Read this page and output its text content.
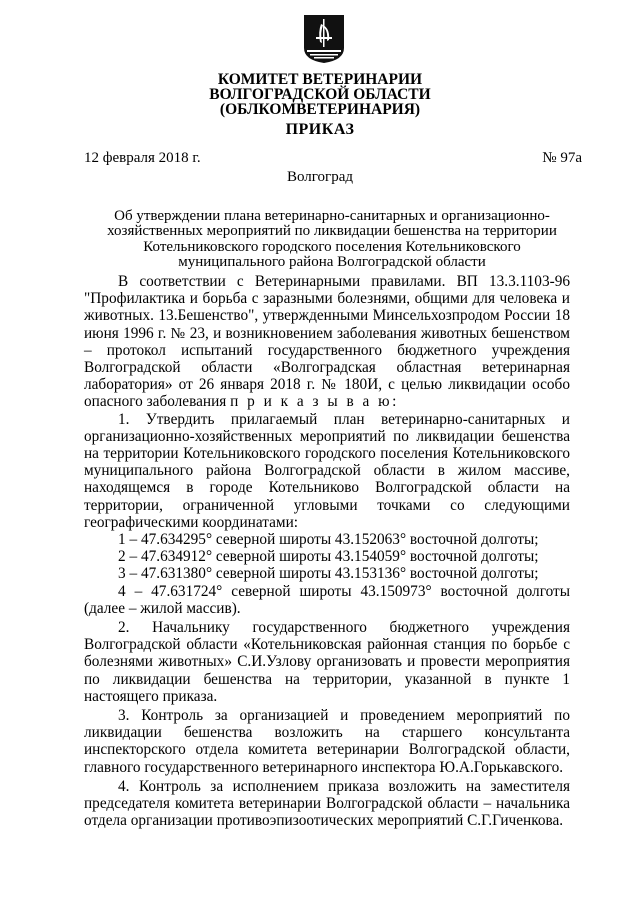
КОМИТЕТ ВЕТЕРИНАРИИ
ВОЛГОГРАДСКОЙ ОБЛАСТИ
(ОБЛКОМВЕТЕРИНАРИЯ)
ПРИКАЗ
12 февраля 2018 г.	№ 97а
Волгоград
Об утверждении плана ветеринарно-санитарных и организационно-
хозяйственных мероприятий по ликвидации бешенства на территории
Котельниковского городского поселения Котельниковского
муниципального района Волгоградской области
В соответствии с Ветеринарными правилами. ВП 13.3.1103-96 "Профилактика и борьба с заразными болезнями, общими для человека и животных. 13.Бешенство", утвержденными Минсельхозпродом России 18 июня 1996 г. № 23, и возникновением заболевания животных бешенством – протокол испытаний государственного бюджетного учреждения Волгоградской области «Волгоградская областная ветеринарная лаборатория» от 26 января 2018 г. № 180И, с целью ликвидации особо опасного заболевания п р и к а з ы в а ю:
1. Утвердить прилагаемый план ветеринарно-санитарных и организационно-хозяйственных мероприятий по ликвидации бешенства на территории Котельниковского городского поселения Котельниковского муниципального района Волгоградской области в жилом массиве, находящемся в городе Котельниково Волгоградской области на территории, ограниченной угловыми точками со следующими географическими координатами:
1 – 47.634295° северной широты 43.152063° восточной долготы;
2 – 47.634912° северной широты 43.154059° восточной долготы;
3 – 47.631380° северной широты 43.153136° восточной долготы;
4 – 47.631724° северной широты 43.150973° восточной долготы (далее – жилой массив).
2. Начальнику государственного бюджетного учреждения Волгоградской области «Котельниковская районная станция по борьбе с болезнями животных» С.И.Узлову организовать и провести мероприятия по ликвидации бешенства на территории, указанной в пункте 1 настоящего приказа.
3. Контроль за организацией и проведением мероприятий по ликвидации бешенства возложить на старшего консультанта инспекторского отдела комитета ветеринарии Волгоградской области, главного государственного ветеринарного инспектора Ю.А.Горькавского.
4. Контроль за исполнением приказа возложить на заместителя председателя комитета ветеринарии Волгоградской области – начальника отдела организации противоэпизоотических мероприятий С.Г.Гиченкова.
